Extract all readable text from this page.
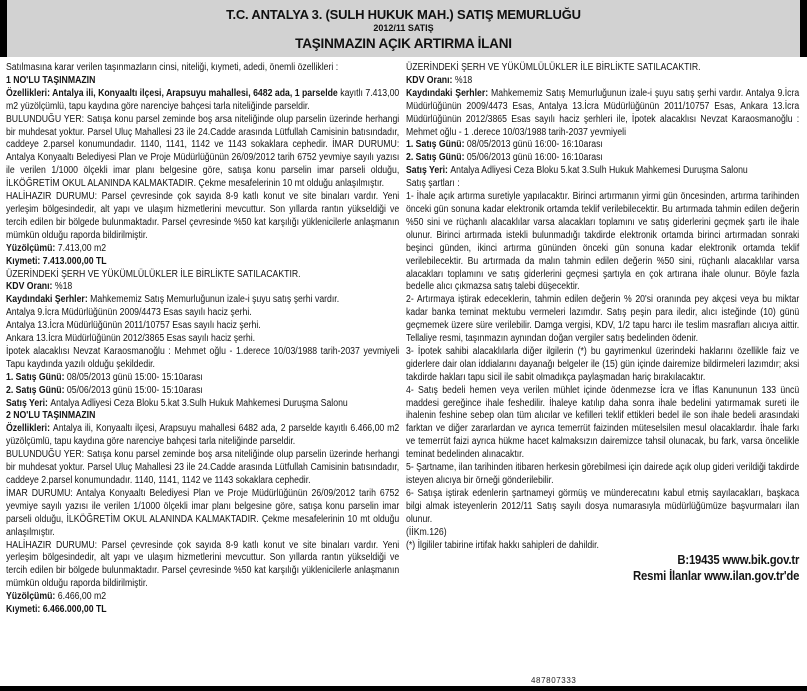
T.C. ANTALYA 3. (SULH HUKUK MAH.) SATIŞ MEMURLUĞU
2012/11 SATIŞ
TAŞINMAZIN AÇIK ARTIRMA İLANI

Satılmasına karar verilen taşınmazların cinsi, niteliği, kıymeti, adedi, önemli özellikleri :

1 NO'LU TAŞINMAZIN

Özellikleri: Antalya ili, Konyaaltı ilçesi, Arapsuyu mahallesi, 6482 ada, 1 parselde kayıtlı 7.413,00 m2 yüzölçümlü, tapu kaydına göre narenciye bahçesi tarla niteliğinde parseldir.

BULUNDUĞU YER: Satışa konu parsel zeminde boş arsa niteliğinde olup parselin üzerinde herhangi bir muhdesat yoktur. Parsel Uluç Mahallesi 23 ile 24.Cadde arasında Lütfullah Camisinin batısındadır, caddeye 2.parsel konumundadır. 1140, 1141, 1142 ve 1143 sokaklara cephedir. İMAR DURUMU: Antalya Konyaaltı Belediyesi Plan ve Proje Müdürlüğünün 26/09/2012 tarih 6752 yevmiye sayılı yazısı ile verilen 1/1000 ölçekli imar planı belgesine göre, satışa konu parselin imar parseli olduğu, İLKÖĞRETİM OKUL ALANINDA KALMAKTADIR. Çekme mesafelerinin 10 mt olduğu anlaşılmıştır.

HALİHAZIR DURUMU: Parsel çevresinde çok sayıda 8-9 katlı konut ve site binaları vardır. Yeni yerleşim bölgesindedir, alt yapı ve ulaşım hizmetlerini mevcuttur. Son yıllarda rantın yükseldiği ve tercih edilen bir bölgede bulunmaktadır. Parsel çevresinde %50 kat karşılığı yüklenicilerle anlaşmanın mümkün olduğu raporda bildirilmiştir.

Yüzölçümü: 7.413,00 m2

Kıymeti: 7.413.000,00 TL

ÜZERİNDEKİ ŞERH VE YÜKÜMLÜLÜKLER İLE BİRLİKTE SATILACAKTIR.

KDV Oranı: %18

Kaydındaki Şerhler: Mahkememiz Satış Memurluğunun izale-i şuyu satış şerhi vardır.

Antalya 9.İcra Müdürlüğünün 2009/4473 Esas sayılı haciz şerhi.

Antalya 13.İcra Müdürlüğünün 2011/10757 Esas sayılı haciz şerhi.

Ankara 13.İcra Müdürlüğünün 2012/3865 Esas sayılı haciz şerhi.

İpotek alacaklısı Nevzat Karaosmanoğlu : Mehmet oğlu - 1.derece 10/03/1988 tarih-2037 yevmiyeli Tapu kaydında yazılı olduğu şekildedir.

1. Satış Günü: 08/05/2013 günü 15:00- 15:10arası

2. Satış Günü: 05/06/2013 günü 15:00- 15:10arası

Satış Yeri: Antalya Adliyesi Ceza Bloku 5.kat 3.Sulh Hukuk Mahkemesi Duruşma Salonu

2 NO'LU TAŞINMAZIN

Özellikleri: Antalya ili, Konyaaltı ilçesi, Arapsuyu mahallesi 6482 ada, 2 parselde kayıtlı 6.466,00 m2 yüzölçümlü, tapu kaydına göre narenciye bahçesi tarla niteliğinde parseldir.

BULUNDUĞU YER: Satışa konu parsel zeminde boş arsa niteliğinde olup parselin üzerinde herhangi bir muhdesat yoktur. Parsel Uluç Mahallesi 23 ile 24.Cadde arasında Lütfullah Camisinin batısındadır, caddeye 2.parsel konumundadır. 1140, 1141, 1142 ve 1143 sokaklara cephedir.

İMAR DURUMU: Antalya Konyaaltı Belediyesi Plan ve Proje Müdürlüğünün 26/09/2012 tarih 6752 yevmiye sayılı yazısı ile verilen 1/1000 ölçekli imar planı belgesine göre, satışa konu parselin imar parseli olduğu, İLKÖĞRETİM OKUL ALANINDA KALMAKTADIR. Çekme mesafelerinin 10 mt olduğu anlaşılmıştır.

HALİHAZIR DURUMU: Parsel çevresinde çok sayıda 8-9 katlı konut ve site binaları vardır. Yeni yerleşim bölgesindedir, alt yapı ve ulaşım hizmetlerini mevcuttur. Son yıllarda rantın yükseldiği ve tercih edilen bir bölgede bulunmaktadır. Parsel çevresinde %50 kat karşılığı yüklenicilerle anlaşmanın mümkün olduğu raporda bildirilmiştir.

Yüzölçümü: 6.466,00 m2

Kıymeti: 6.466.000,00 TL

ÜZERİNDEKİ ŞERH VE YÜKÜMLÜLÜKLER İLE BİRLİKTE SATILACAKTIR.

KDV Oranı: %18

Kaydındaki Şerhler: Mahkememiz Satış Memurluğunun izale-i şuyu satış şerhi vardır. Antalya 9.İcra Müdürlüğünün 2009/4473 Esas, Antalya 13.İcra Müdürlüğünün 2011/10757 Esas, Ankara 13.İcra Müdürlüğünün 2012/3865 Esas sayılı haciz şerhleri ile, İpotek alacaklısı Nevzat Karaosmanoğlu : Mehmet oğlu - 1 .derece 10/03/1988 tarih-2037 yevmiyeli

1. Satış Günü: 08/05/2013 günü 16:00- 16:10arası

2. Satış Günü: 05/06/2013 günü 16:00- 16:10arası

Satış Yeri: Antalya Adliyesi Ceza Bloku 5.kat 3.Sulh Hukuk Mahkemesi Duruşma Salonu

Satış şartları :

1- İhale açık artırma suretiyle yapılacaktır. Birinci artırmanın yirmi gün öncesinden, artırma tarihinden önceki gün sonuna kadar elektronik ortamda teklif verilebilecektir. Bu artırmada tahmin edilen değerin %50 sini ve rüçhanlı alacaklılar varsa alacakları toplamını ve satış giderlerini geçmek şartı ile ihale olunur. Birinci artırmada istekli bulunmadığı takdirde elektronik ortamda birinci artırmadan sonraki beşinci günden, ikinci artırma gününden önceki gün sonuna kadar elektronik ortamda teklif verilebilecektir. Bu artırmada da malın tahmin edilen değerin %50 sini, rüçhanlı alacaklılar varsa alacakları toplamını ve satış giderlerini geçmesi şartıyla en çok artırana ihale olunur. Böyle fazla bedelle alıcı çıkmazsa satış talebi düşecektir.

2- Artırmaya iştirak edeceklerin, tahmin edilen değerin % 20'si oranında pey akçesi veya bu miktar kadar banka teminat mektubu vermeleri lazımdır. Satış peşin para iledir, alıcı isteğinde (10) günü geçmemek üzere süre verilebilir. Damga vergisi, KDV, 1/2 tapu harcı ile teslim masrafları alıcıya aittir. Tellaliye resmi, taşınmazın aynından doğan vergiler satış bedelinden ödenir.

3- İpotek sahibi alacaklılarla diğer ilgilerin (*) bu gayrimenkul üzerindeki haklarını özellikle faiz ve giderlere dair olan iddialarını dayanağı belgeler ile (15) gün içinde dairemize bildirmeleri lazımdır; aksi takdirde hakları tapu sicil ile sabit olmadıkça paylaşmadan hariç bırakılacaktır.

4- Satış bedeli hemen veya verilen mühlet içinde ödenmezse İcra ve İflas Kanununun 133 üncü maddesi gereğince ihale feshedilir. İhaleye katılıp daha sonra ihale bedelini yatırmamak sureti ile ihalenin feshine sebep olan tüm alıcılar ve kefilleri teklif ettikleri bedel ile son ihale bedeli arasındaki farktan ve diğer zararlardan ve ayrıca temerrüt faizinden müteselsilen mesul olacaklardır. İhale farkı ve temerrüt faizi ayrıca hükme hacet kalmaksızın dairemizce tahsil olunacak, bu fark, varsa öncelikle teminat bedelinden alınacaktır.

5- Şartname, ilan tarihinden itibaren herkesin görebilmesi için dairede açık olup gideri verildiği takdirde isteyen alıcıya bir örneği gönderilebilir.

6- Satışa iştirak edenlerin şartnameyi görmüş ve münderecatını kabul etmiş sayılacakları, başkaca bilgi almak isteyenlerin 2012/11 Satış sayılı dosya numarasıyla müdürlüğümüze başvurmaları ilan olunur.

(İİKm.126)

(*) İlgililer tabirine irtifak hakkı sahipleri de dahildir.

B:19435 www.bik.gov.tr

Resmi İlanlar www.ilan.gov.tr'de

487807333
